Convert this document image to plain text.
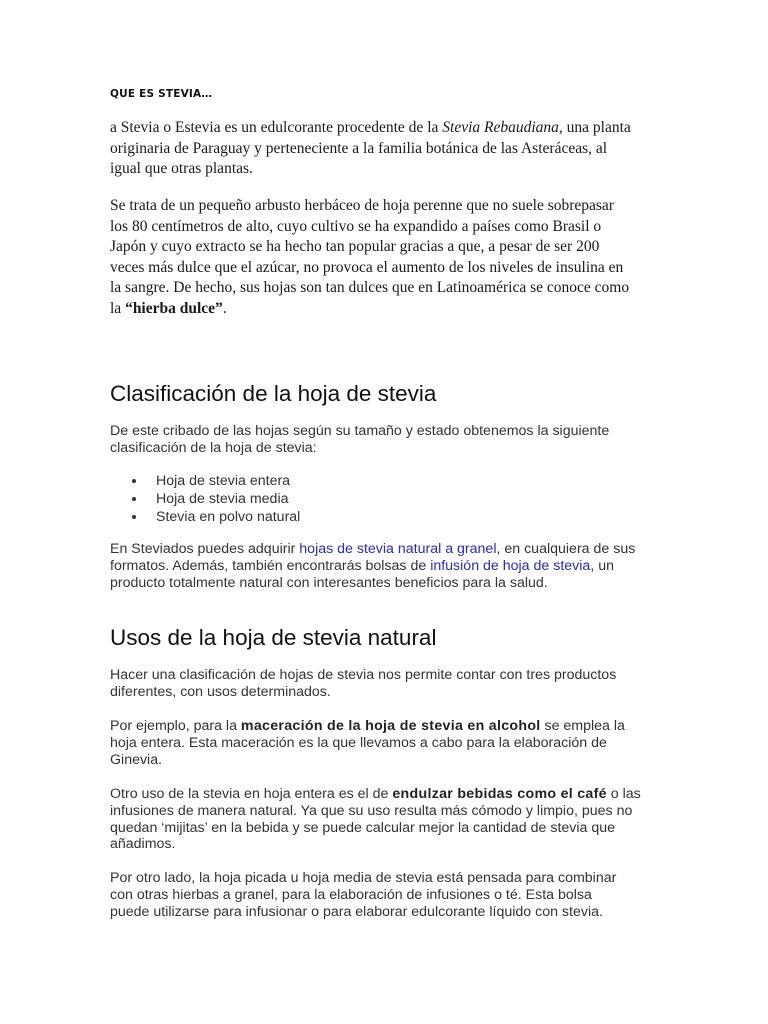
QUE ES STEVIA…

a Stevia o Estevia es un edulcorante procedente de la Stevia Rebaudiana, una planta originaria de Paraguay y perteneciente a la familia botánica de las Asteráceas, al igual que otras plantas.

Se trata de un pequeño arbusto herbáceo de hoja perenne que no suele sobrepasar los 80 centímetros de alto, cuyo cultivo se ha expandido a países como Brasil o Japón y cuyo extracto se ha hecho tan popular gracias a que, a pesar de ser 200 veces más dulce que el azúcar, no provoca el aumento de los niveles de insulina en la sangre. De hecho, sus hojas son tan dulces que en Latinoamérica se conoce como la “hierba dulce”.

Clasificación de la hoja de stevia

De este cribado de las hojas según su tamaño y estado obtenemos la siguiente clasificación de la hoja de stevia:

Hoja de stevia entera
Hoja de stevia media
Stevia en polvo natural

En Steviados puedes adquirir hojas de stevia natural a granel, en cualquiera de sus formatos. Además, también encontrarás bolsas de infusión de hoja de stevia, un producto totalmente natural con interesantes beneficios para la salud.

Usos de la hoja de stevia natural

Hacer una clasificación de hojas de stevia nos permite contar con tres productos diferentes, con usos determinados.

Por ejemplo, para la maceración de la hoja de stevia en alcohol se emplea la hoja entera. Esta maceración es la que llevamos a cabo para la elaboración de Ginevia.

Otro uso de la stevia en hoja entera es el de endulzar bebidas como el café o las infusiones de manera natural. Ya que su uso resulta más cómodo y limpio, pues no quedan ‘mijitas’ en la bebida y se puede calcular mejor la cantidad de stevia que añadimos.

Por otro lado, la hoja picada u hoja media de stevia está pensada para combinar con otras hierbas a granel, para la elaboración de infusiones o té. Esta bolsa puede utilizarse para infusionar o para elaborar edulcorante líquido con stevia.
